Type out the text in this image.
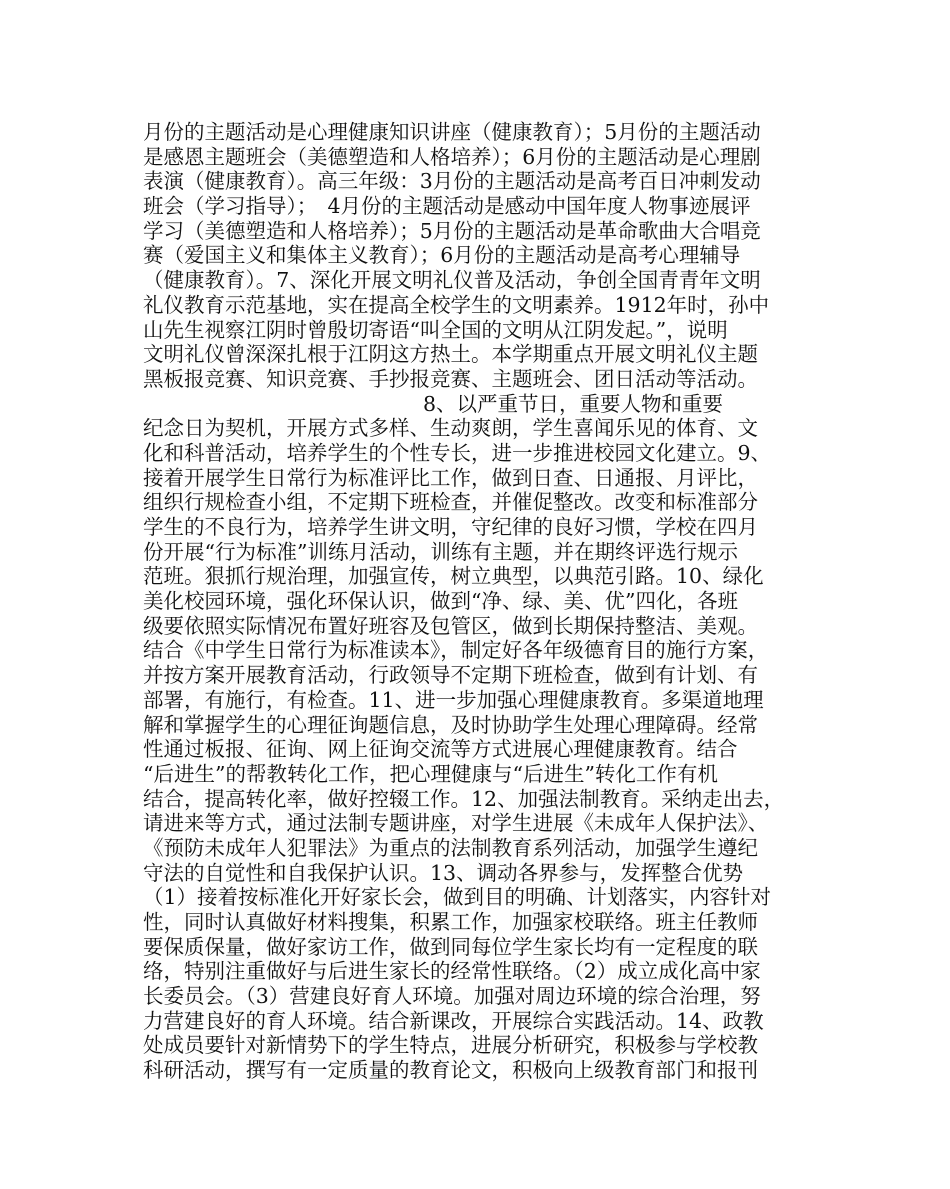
月份的主题活动是心理健康知识讲座（健康教育）；5月份的主题活动
是感恩主题班会（美德塑造和人格培养）；6月份的主题活动是心理剧
表演（健康教育）。高三年级：3月份的主题活动是高考百日冲刺发动
班会（学习指导）；　4月份的主题活动是感动中国年度人物事迹展评
学习（美德塑造和人格培养）；5月份的主题活动是革命歌曲大合唱竞
赛（爱国主义和集体主义教育）；6月份的主题活动是高考心理辅导
（健康教育）。7、深化开展文明礼仪普及活动，争创全国青青年文明
礼仪教育示范基地，实在提高全校学生的文明素养。1912年时，孙中
山先生视察江阴时曾殷切寄语“叫全国的文明从江阴发起。”，说明
文明礼仪曾深深扎根于江阴这方热土。本学期重点开展文明礼仪主题
黑板报竞赛、知识竞赛、手抄报竞赛、主题班会、团日活动等活动。
8、以严重节日，重要人物和重要
纪念日为契机，开展方式多样、生动爽朗，学生喜闻乐见的体育、文
化和科普活动，培养学生的个性专长，进一步推进校园文化建立。9、
接着开展学生日常行为标准评比工作，做到日查、日通报、月评比，
组织行规检查小组，不定期下班检查，并催促整改。改变和标准部分
学生的不良行为，培养学生讲文明，守纪律的良好习惯，学校在四月
份开展“行为标准”训练月活动，训练有主题，并在期终评选行规示
范班。狠抓行规治理，加强宣传，树立典型，以典范引路。10、绿化
美化校园环境，强化环保认识，做到“净、绿、美、优”四化，各班
级要依照实际情况布置好班容及包管区，做到长期保持整洁、美观。
结合《中学生日常行为标准读本》，制定好各年级德育目的施行方案，
并按方案开展教育活动，行政领导不定期下班检查，做到有计划、有
部署，有施行，有检查。11、进一步加强心理健康教育。多渠道地理
解和掌握学生的心理征询题信息，及时协助学生处理心理障碍。经常
性通过板报、征询、网上征询交流等方式进展心理健康教育。结合
“后进生”的帮教转化工作，把心理健康与“后进生”转化工作有机
结合，提高转化率，做好控辍工作。12、加强法制教育。采纳走出去，
请进来等方式，通过法制专题讲座，对学生进展《未成年人保护法》、
《预防未成年人犯罪法》为重点的法制教育系列活动，加强学生遵纪
守法的自觉性和自我保护认识。13、调动各界参与，发挥整合优势
（1）接着按标准化开好家长会，做到目的明确、计划落实，内容针对
性，同时认真做好材料搜集，积累工作，加强家校联络。班主任教师
要保质保量，做好家访工作，做到同每位学生家长均有一定程度的联
络，特别注重做好与后进生家长的经常性联络。（2）成立成化高中家
长委员会。（3）营建良好育人环境。加强对周边环境的综合治理，努
力营建良好的育人环境。结合新课改，开展综合实践活动。14、政教
处成员要针对新情势下的学生特点，进展分析研究，积极参与学校教
科研活动，撰写有一定质量的教育论文，积极向上级教育部门和报刊
